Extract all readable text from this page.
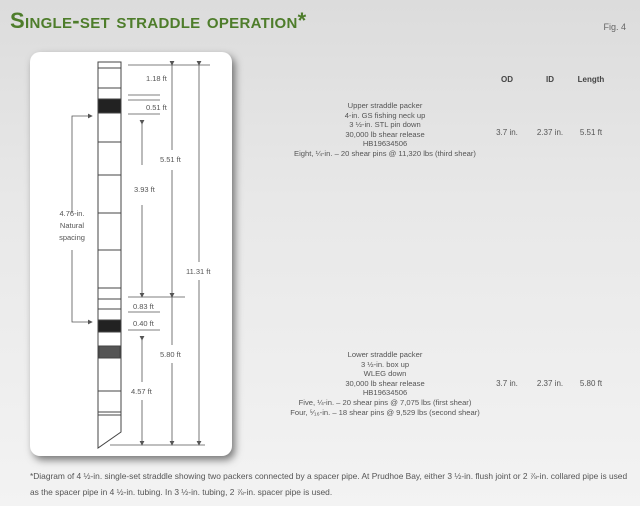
Single-set straddle operation*	Fig. 4
1.18 ft
0.51 ft
3.93 ft
5.51 ft
11.31 ft
0.83 ft
0.40 ft
5.80 ft
4.57 ft
4.76-in.
Natural
spacing
OD	ID	Length
Upper straddle packer
4-in. GS fishing neck up
3 ½-in. STL pin down
30,000 lb shear release
HB19634506
Eight, ¼-in. – 20 shear pins @ 11,320 lbs (third shear)
3.7 in.	2.37 in.	5.51 ft
Lower straddle packer
3 ½-in. box up
WLEG down
30,000 lb shear release
HB19634506
Five, ¼-in. – 20 shear pins @ 7,075 lbs (first shear)
Four, ⁵⁄₁₆-in. – 18 shear pins @ 9,529 lbs (second shear)
3.7 in.	2.37 in.	5.80 ft
*Diagram of 4 ½-in. single-set straddle showing two packers connected by a spacer pipe. At Prudhoe Bay, either 3 ½-in. flush joint or 2 ⅞-in. collared pipe is used as the spacer pipe in 4 ½-in. tubing. In 3 ½-in. tubing, 2 ⅞-in. spacer pipe is used.
